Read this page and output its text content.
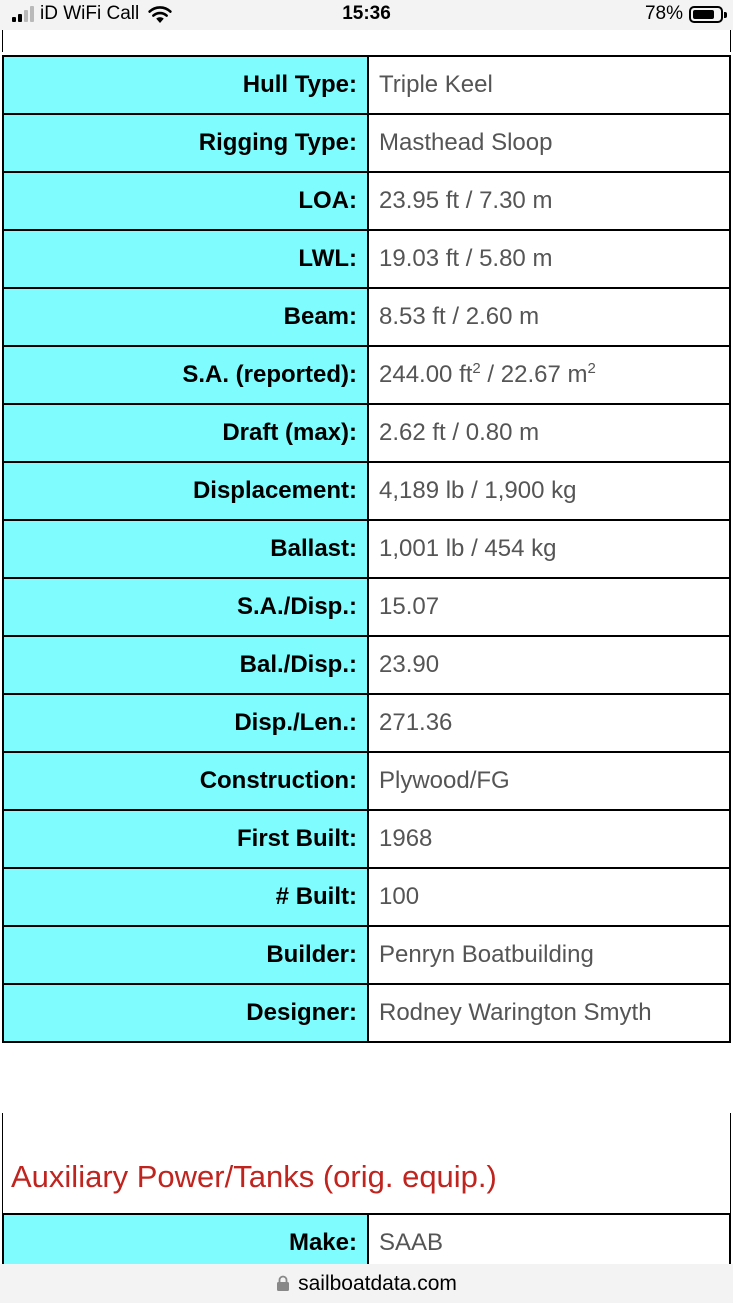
iD WiFi Call	15:36	78%
Hull Type:	Triple Keel
Rigging Type:	Masthead Sloop
LOA:	23.95 ft / 7.30 m
LWL:	19.03 ft / 5.80 m
Beam:	8.53 ft / 2.60 m
S.A. (reported):	244.00 $ft^2 / 22.67$ $m^2$
Draft (max):	2.62 ft / 0.80 m
Displacement:	4,189 lb / 1,900 kg
Ballast:	1,001 lb / 454 kg
S.A./Disp.:	15.07
Bal./Disp.:	23.90
Disp./Len.:	271.36
Construction:	Plywood/FG
First Built:	1968
# Built:	100
Builder:	Penryn Boatbuilding
Designer:	Rodney Warington Smyth
Auxiliary Power/Tanks (orig. equip.)
Make:	SAAB
sailboatdata.com
